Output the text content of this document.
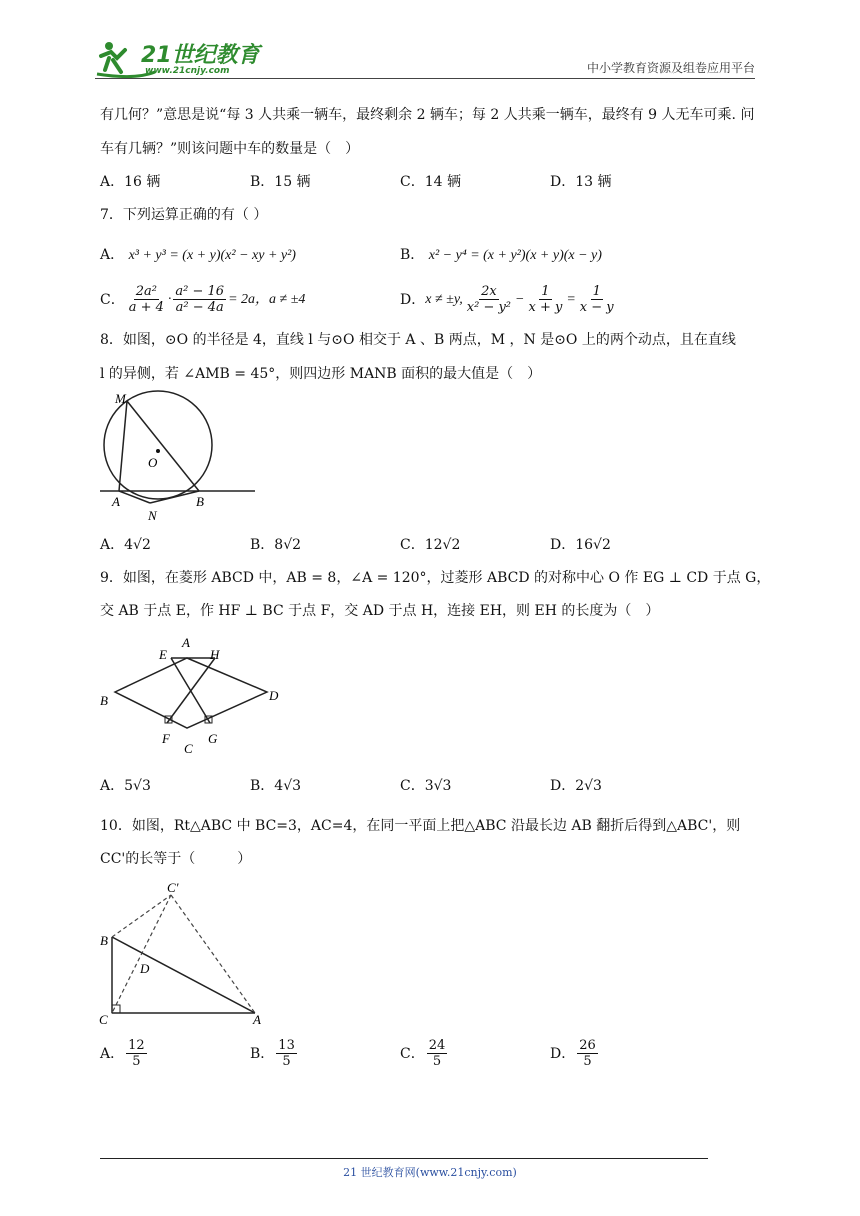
21世纪教育
www.21cnjy.com	中小学教育资源及组卷应用平台
有几何？”意思是说“每 3 人共乘一辆车，最终剩余 2 辆车；每 2 人共乘一辆车，最终有 9 人无车可乘. 问
车有几辆？”则该问题中车的数量是（　）
A．16 辆	B．15 辆	C．14 辆	D．13 辆
7．下列运算正确的有（ ）
A． x³ + y³ = (x + y)(x² − xy + y²)	B． x² − y⁴ = (x + y²)(x + y)(x − y)
C． $\frac{\text{2a²}}{a + 4} \cdot \frac{\text{a² − 16}}{\text{a² − 4a}} = 2a$，a ≠ ±4	D． x ≠ ±y, $\frac{2x}{\text{x² − y²}} - \frac{1}{x + y} = \frac{1}{x - y}$
8．如图，⊙O 的半径是 4，直线 l 与⊙O 相交于 A 、B 两点，M ，N 是⊙O 上的两个动点，且在直线
l 的异侧，若 ∠AMB = 45°，则四边形 MANB 面积的最大值是（　）
M
O
A	B
N
A．4√2	B．8√2	C．12√2	D．16√2
9．如图，在菱形 ABCD 中，AB = 8，∠A = 120°，过菱形 ABCD 的对称中心 O 作 EG ⊥ CD 于点 G，
交 AB 于点 E，作 HF ⊥ BC 于点 F，交 AD 于点 H，连接 EH，则 EH 的长度为（　）
A
E	H
B	D
F
C
G
A．5√3	B．4√3	C．3√3	D．2√3
10．如图，Rt△ABC 中 BC=3，AC=4，在同一平面上把△ABC 沿最长边 AB 翻折后得到△ABC'，则
CC'的长等于（　　　）
C'
B
D
C	A
A． $\frac{12}{5}$	B． $\frac{13}{5}$	C． $\frac{24}{5}$	D． $\frac{26}{5}$
21 世纪教育网(www.21cnjy.com)
